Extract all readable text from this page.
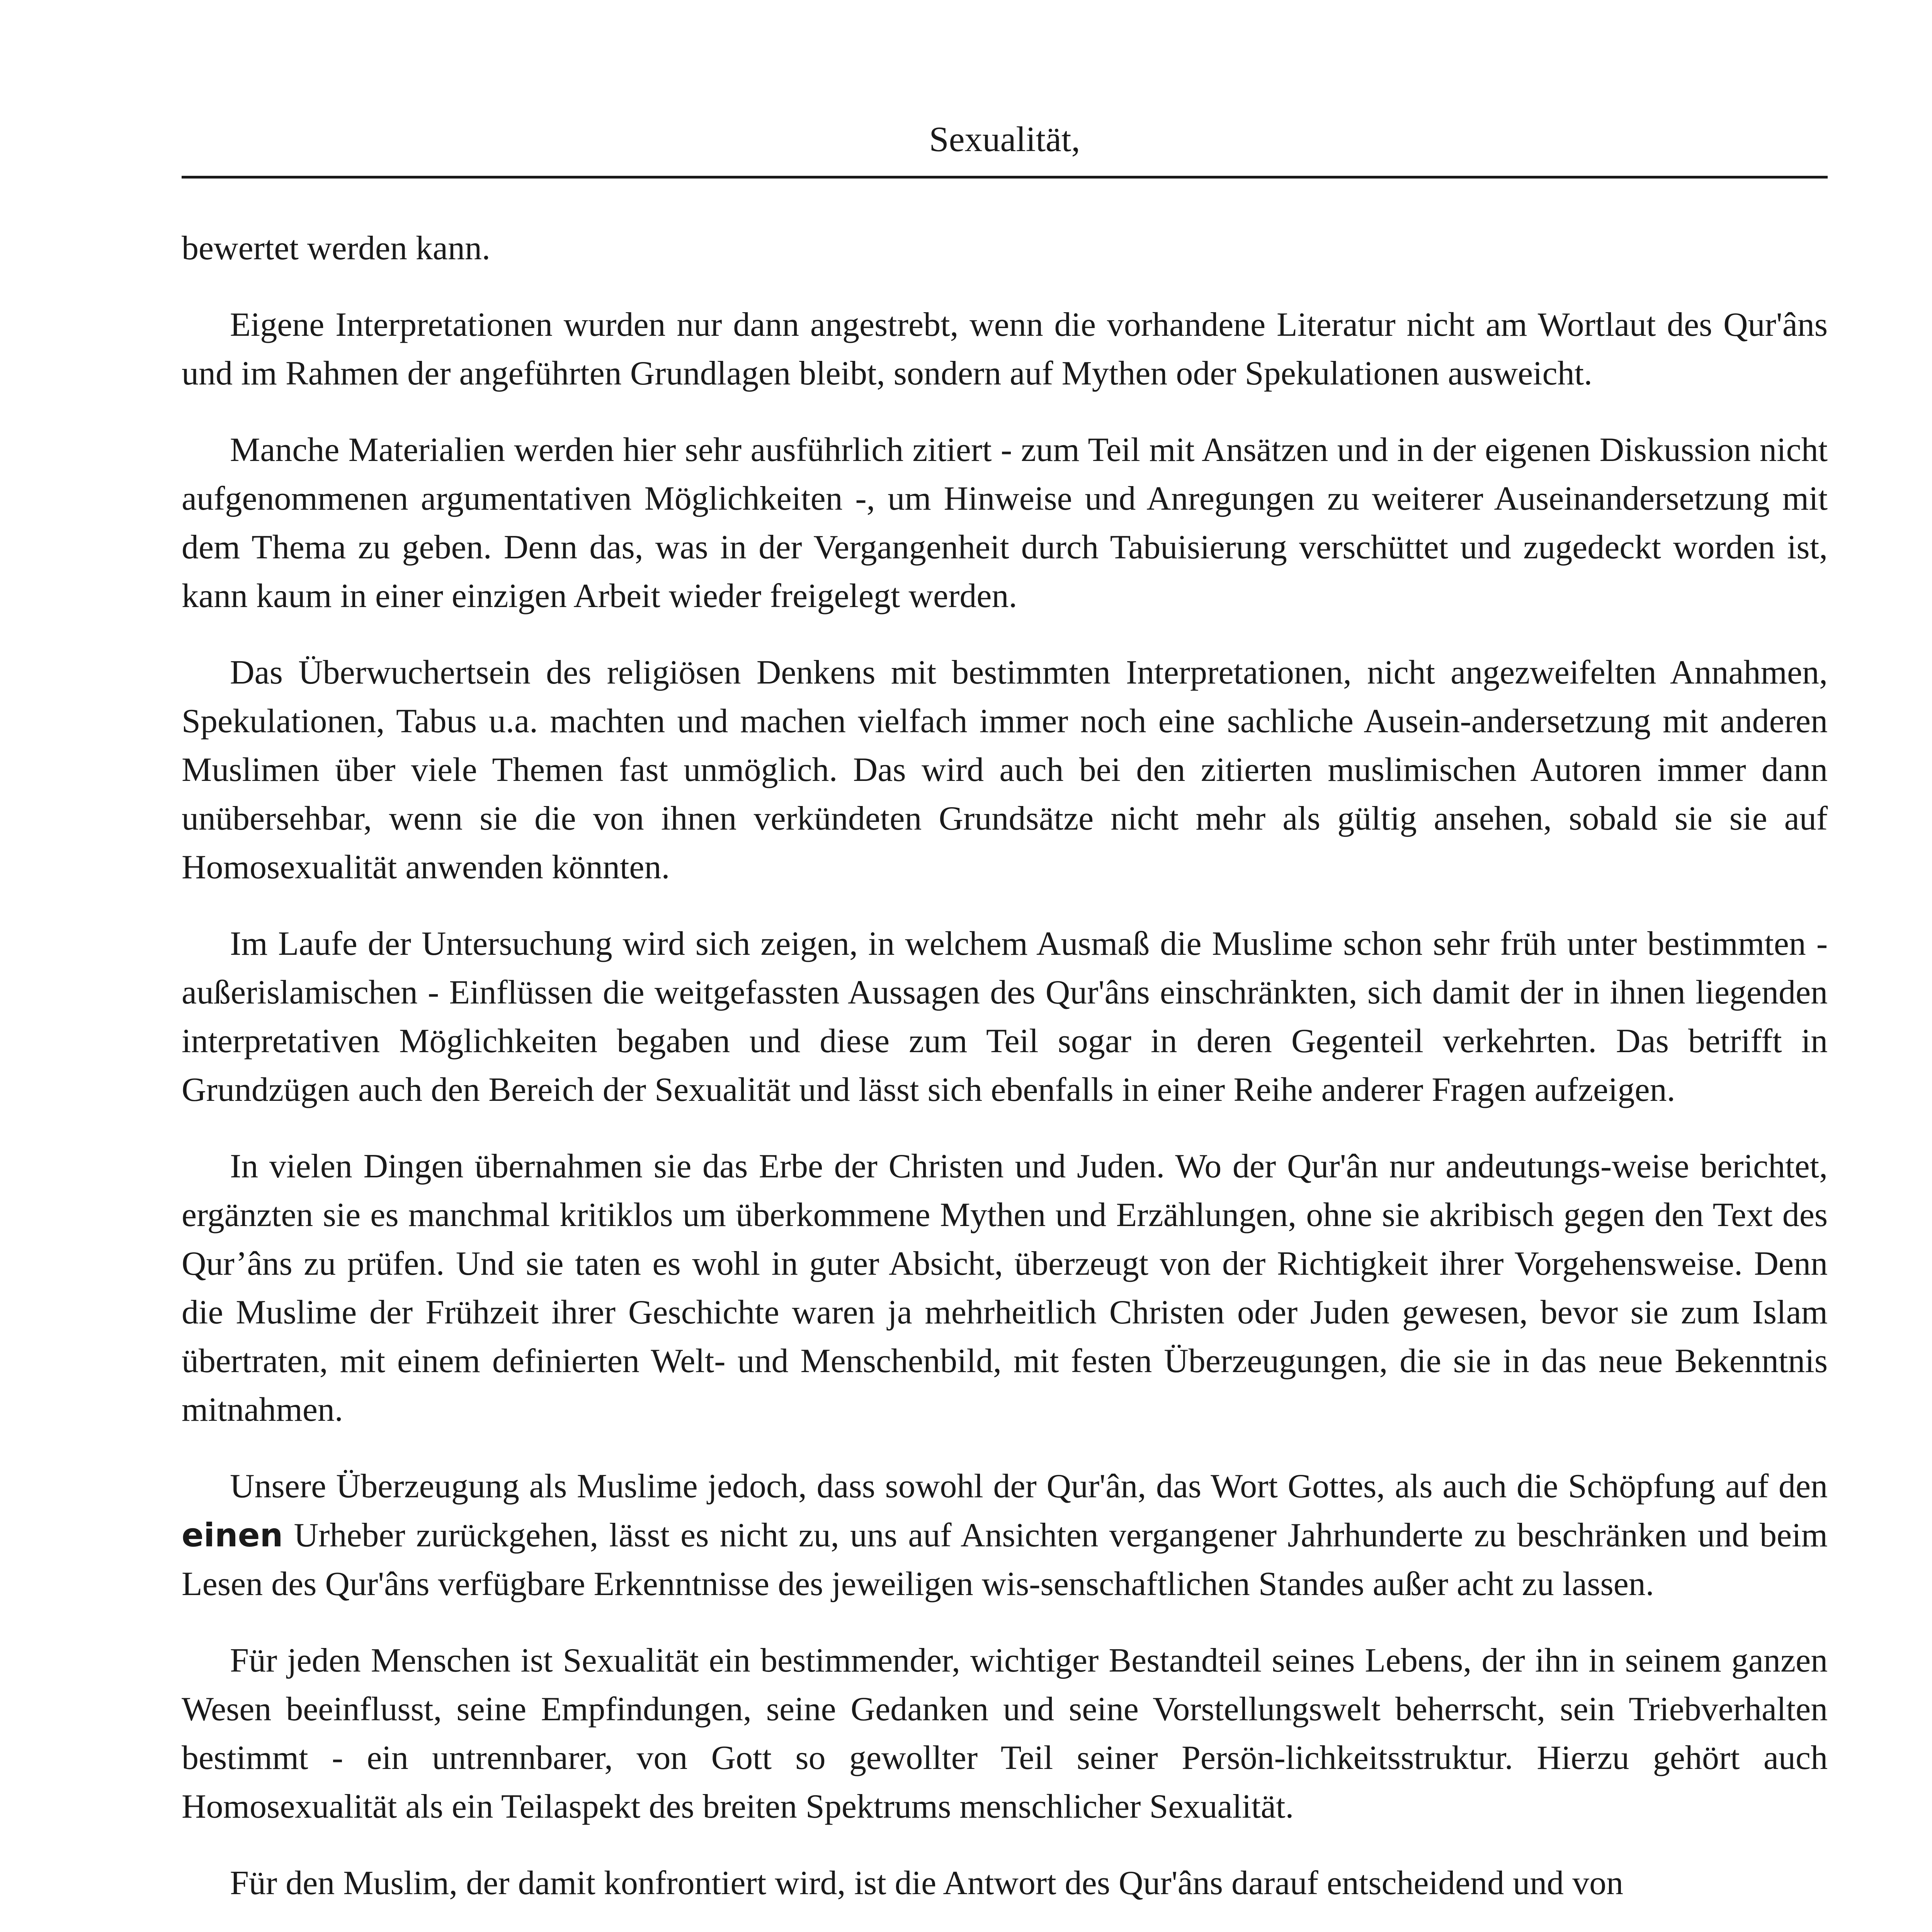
Sexualität,

bewertet werden kann.

Eigene Interpretationen wurden nur dann angestrebt, wenn die vorhandene Literatur nicht am Wortlaut des Qur'âns und im Rahmen der angeführten Grundlagen bleibt, sondern auf Mythen oder Spekulationen ausweicht.

Manche Materialien werden hier sehr ausführlich zitiert - zum Teil mit Ansätzen und in der eigenen Diskussion nicht aufgenommenen argumentativen Möglichkeiten -, um Hinweise und Anregungen zu weiterer Auseinandersetzung mit dem Thema zu geben. Denn das, was in der Vergangenheit durch Tabuisierung verschüttet und zugedeckt worden ist, kann kaum in einer einzigen Arbeit wieder freigelegt werden.

Das Überwuchertsein des religiösen Denkens mit bestimmten Interpretationen, nicht angezweifelten Annahmen, Spekulationen, Tabus u.a. machten und machen vielfach immer noch eine sachliche Ausein-andersetzung mit anderen Muslimen über viele Themen fast unmöglich. Das wird auch bei den zitierten muslimischen Autoren immer dann unübersehbar, wenn sie die von ihnen verkündeten Grundsätze nicht mehr als gültig ansehen, sobald sie sie auf Homosexualität anwenden könnten.

Im Laufe der Untersuchung wird sich zeigen, in welchem Ausmaß die Muslime schon sehr früh unter bestimmten - außerislamischen - Einflüssen die weitgefassten Aussagen des Qur'âns einschränkten, sich damit der in ihnen liegenden interpretativen Möglichkeiten begaben und diese zum Teil sogar in deren Gegenteil verkehrten. Das betrifft in Grundzügen auch den Bereich der Sexualität und lässt sich ebenfalls in einer Reihe anderer Fragen aufzeigen.

In vielen Dingen übernahmen sie das Erbe der Christen und Juden. Wo der Qur'ân nur andeutungs-weise berichtet, ergänzten sie es manchmal kritiklos um überkommene Mythen und Erzählungen, ohne sie akribisch gegen den Text des Qur’âns zu prüfen. Und sie taten es wohl in guter Absicht, überzeugt von der Richtigkeit ihrer Vorgehensweise. Denn die Muslime der Frühzeit ihrer Geschichte waren ja mehrheitlich Christen oder Juden gewesen, bevor sie zum Islam übertraten, mit einem definierten Welt- und Menschenbild, mit festen Überzeugungen, die sie in das neue Bekenntnis mitnahmen.

Unsere Überzeugung als Muslime jedoch, dass sowohl der Qur'ân, das Wort Gottes, als auch die Schöpfung auf den einen Urheber zurückgehen, lässt es nicht zu, uns auf Ansichten vergangener Jahrhunderte zu beschränken und beim Lesen des Qur'âns verfügbare Erkenntnisse des jeweiligen wis-senschaftlichen Standes außer acht zu lassen.

Für jeden Menschen ist Sexualität ein bestimmender, wichtiger Bestandteil seines Lebens, der ihn in seinem ganzen Wesen beeinflusst, seine Empfindungen, seine Gedanken und seine Vorstellungswelt beherrscht, sein Triebverhalten bestimmt - ein untrennbarer, von Gott so gewollter Teil seiner Persön-lichkeitsstruktur. Hierzu gehört auch Homosexualität als ein Teilaspekt des breiten Spektrums menschlicher Sexualität.

Für den Muslim, der damit konfrontiert wird, ist die Antwort des Qur'âns darauf entscheidend und von
